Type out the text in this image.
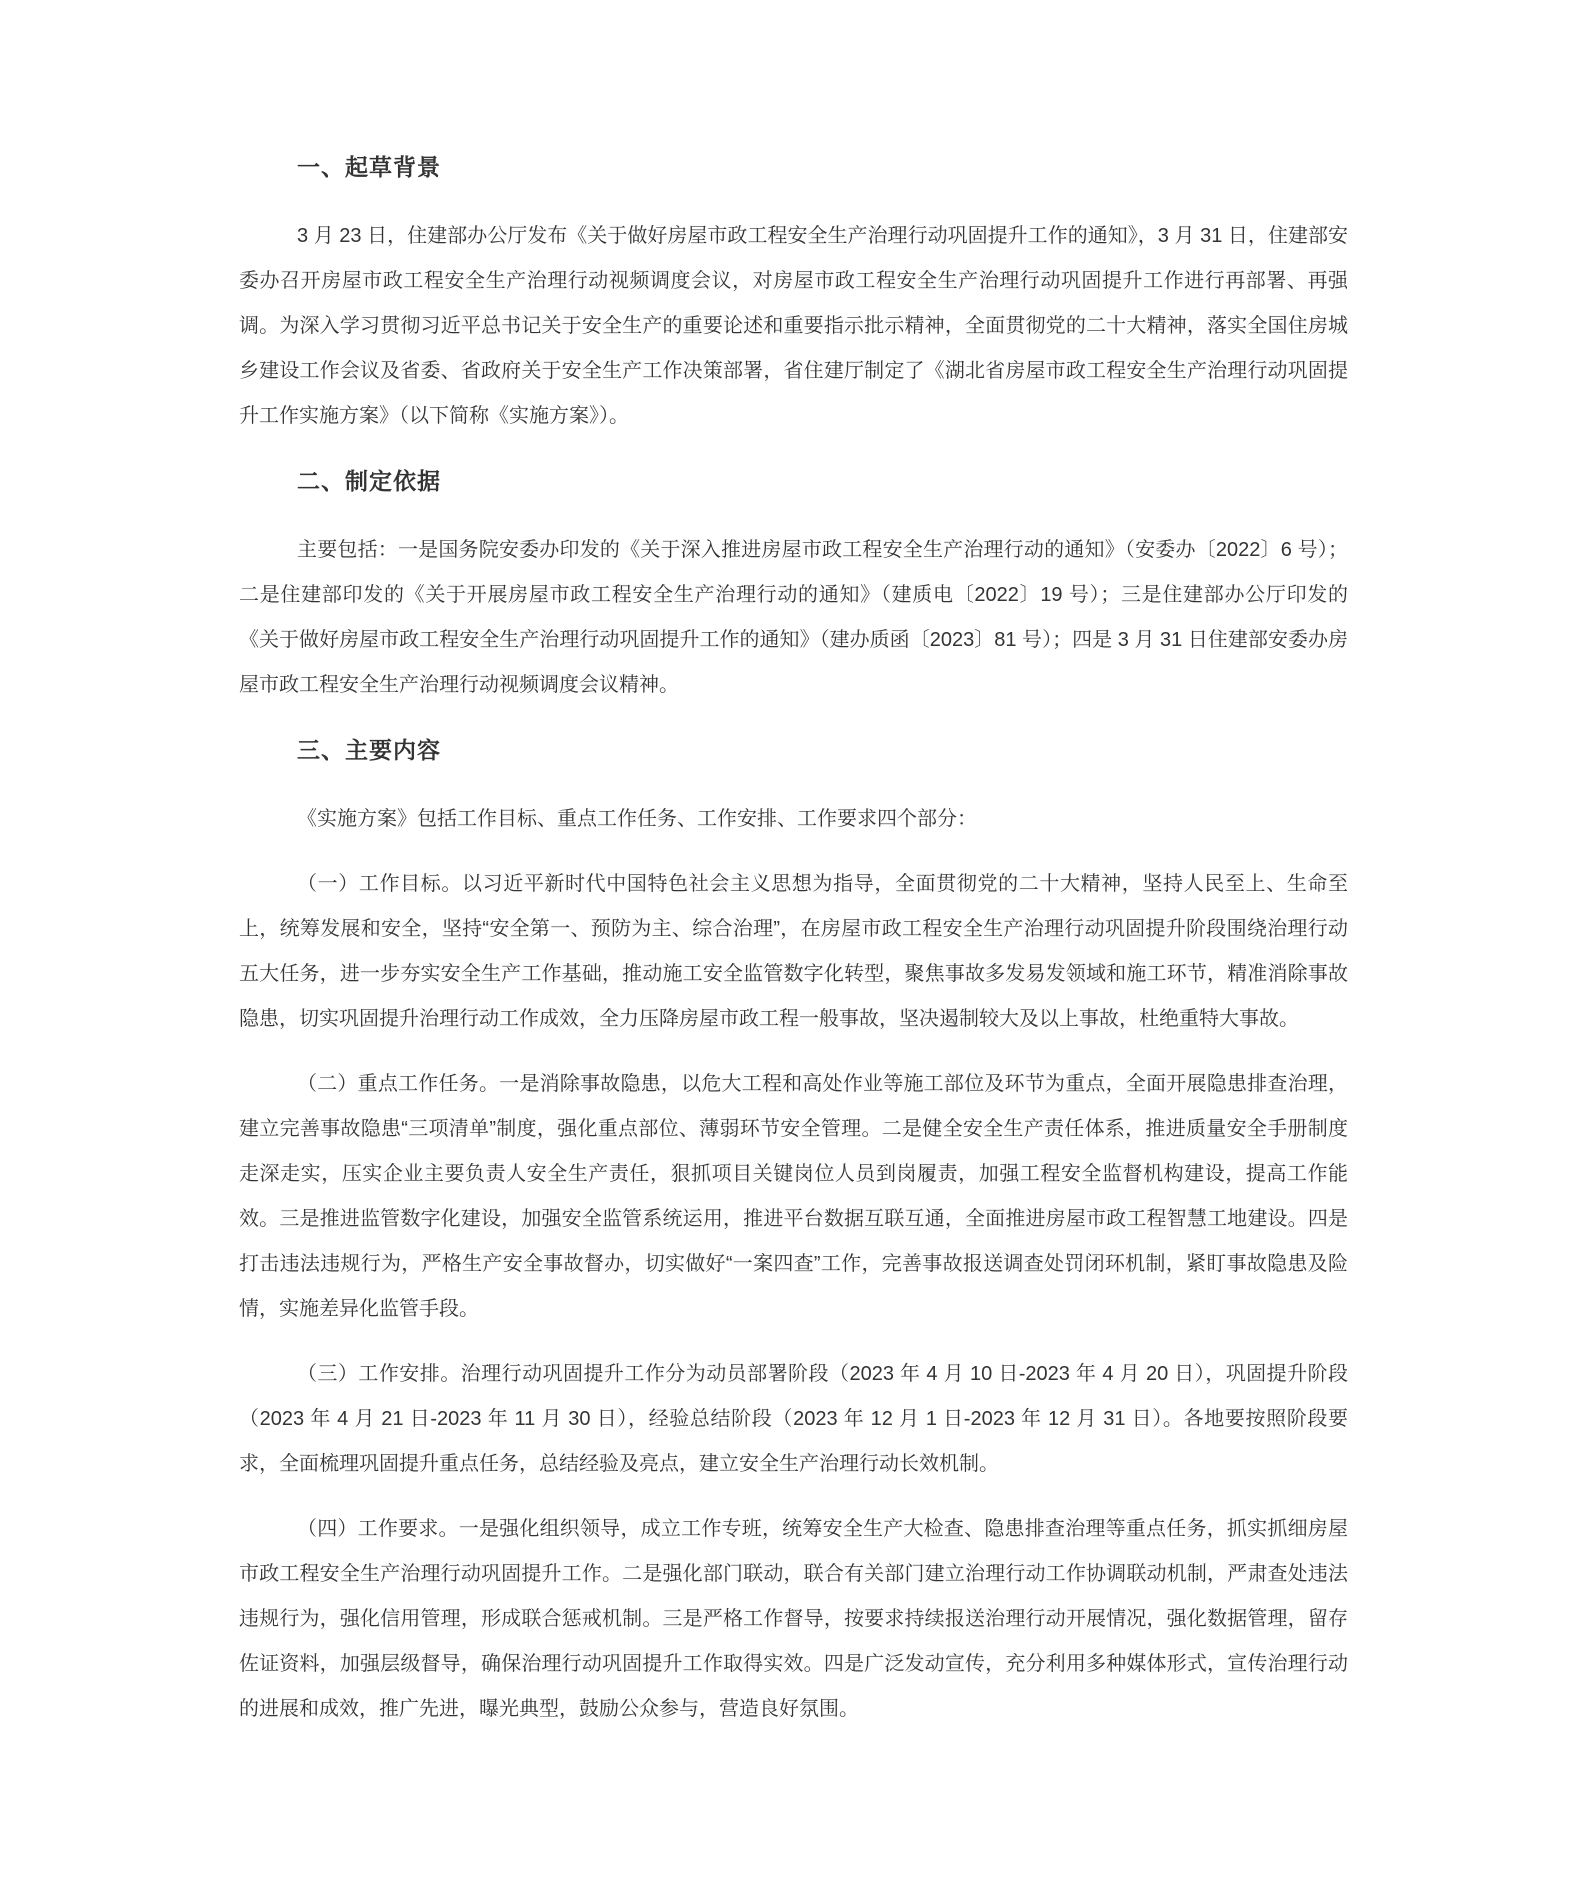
一、起草背景

3 月 23 日，住建部办公厅发布《关于做好房屋市政工程安全生产治理行动巩固提升工作的通知》，3 月 31 日，住建部安委办召开房屋市政工程安全生产治理行动视频调度会议，对房屋市政工程安全生产治理行动巩固提升工作进行再部署、再强调。为深入学习贯彻习近平总书记关于安全生产的重要论述和重要指示批示精神，全面贯彻党的二十大精神，落实全国住房城乡建设工作会议及省委、省政府关于安全生产工作决策部署，省住建厅制定了《湖北省房屋市政工程安全生产治理行动巩固提升工作实施方案》（以下简称《实施方案》）。

二、制定依据

主要包括：一是国务院安委办印发的《关于深入推进房屋市政工程安全生产治理行动的通知》（安委办〔2022〕6 号）；二是住建部印发的《关于开展房屋市政工程安全生产治理行动的通知》（建质电〔2022〕19 号）；三是住建部办公厅印发的《关于做好房屋市政工程安全生产治理行动巩固提升工作的通知》（建办质函〔2023〕81 号）；四是 3 月 31 日住建部安委办房屋市政工程安全生产治理行动视频调度会议精神。

三、主要内容

《实施方案》包括工作目标、重点工作任务、工作安排、工作要求四个部分：

（一）工作目标。以习近平新时代中国特色社会主义思想为指导，全面贯彻党的二十大精神，坚持人民至上、生命至上，统筹发展和安全，坚持“安全第一、预防为主、综合治理”，在房屋市政工程安全生产治理行动巩固提升阶段围绕治理行动五大任务，进一步夯实安全生产工作基础，推动施工安全监管数字化转型，聚焦事故多发易发领域和施工环节，精准消除事故隐患，切实巩固提升治理行动工作成效，全力压降房屋市政工程一般事故，坚决遏制较大及以上事故，杜绝重特大事故。

（二）重点工作任务。一是消除事故隐患，以危大工程和高处作业等施工部位及环节为重点，全面开展隐患排查治理，建立完善事故隐患“三项清单”制度，强化重点部位、薄弱环节安全管理。二是健全安全生产责任体系，推进质量安全手册制度走深走实，压实企业主要负责人安全生产责任，狠抓项目关键岗位人员到岗履责，加强工程安全监督机构建设，提高工作能效。三是推进监管数字化建设，加强安全监管系统运用，推进平台数据互联互通，全面推进房屋市政工程智慧工地建设。四是打击违法违规行为，严格生产安全事故督办，切实做好“一案四查”工作，完善事故报送调查处罚闭环机制，紧盯事故隐患及险情，实施差异化监管手段。

（三）工作安排。治理行动巩固提升工作分为动员部署阶段（2023 年 4 月 10 日-2023 年 4 月 20 日），巩固提升阶段（2023 年 4 月 21 日-2023 年 11 月 30 日），经验总结阶段（2023 年 12 月 1 日-2023 年 12 月 31 日）。各地要按照阶段要求，全面梳理巩固提升重点任务，总结经验及亮点，建立安全生产治理行动长效机制。

（四）工作要求。一是强化组织领导，成立工作专班，统筹安全生产大检查、隐患排查治理等重点任务，抓实抓细房屋市政工程安全生产治理行动巩固提升工作。二是强化部门联动，联合有关部门建立治理行动工作协调联动机制，严肃查处违法违规行为，强化信用管理，形成联合惩戒机制。三是严格工作督导，按要求持续报送治理行动开展情况，强化数据管理，留存佐证资料，加强层级督导，确保治理行动巩固提升工作取得实效。四是广泛发动宣传，充分利用多种媒体形式，宣传治理行动的进展和成效，推广先进，曝光典型，鼓励公众参与，营造良好氛围。
